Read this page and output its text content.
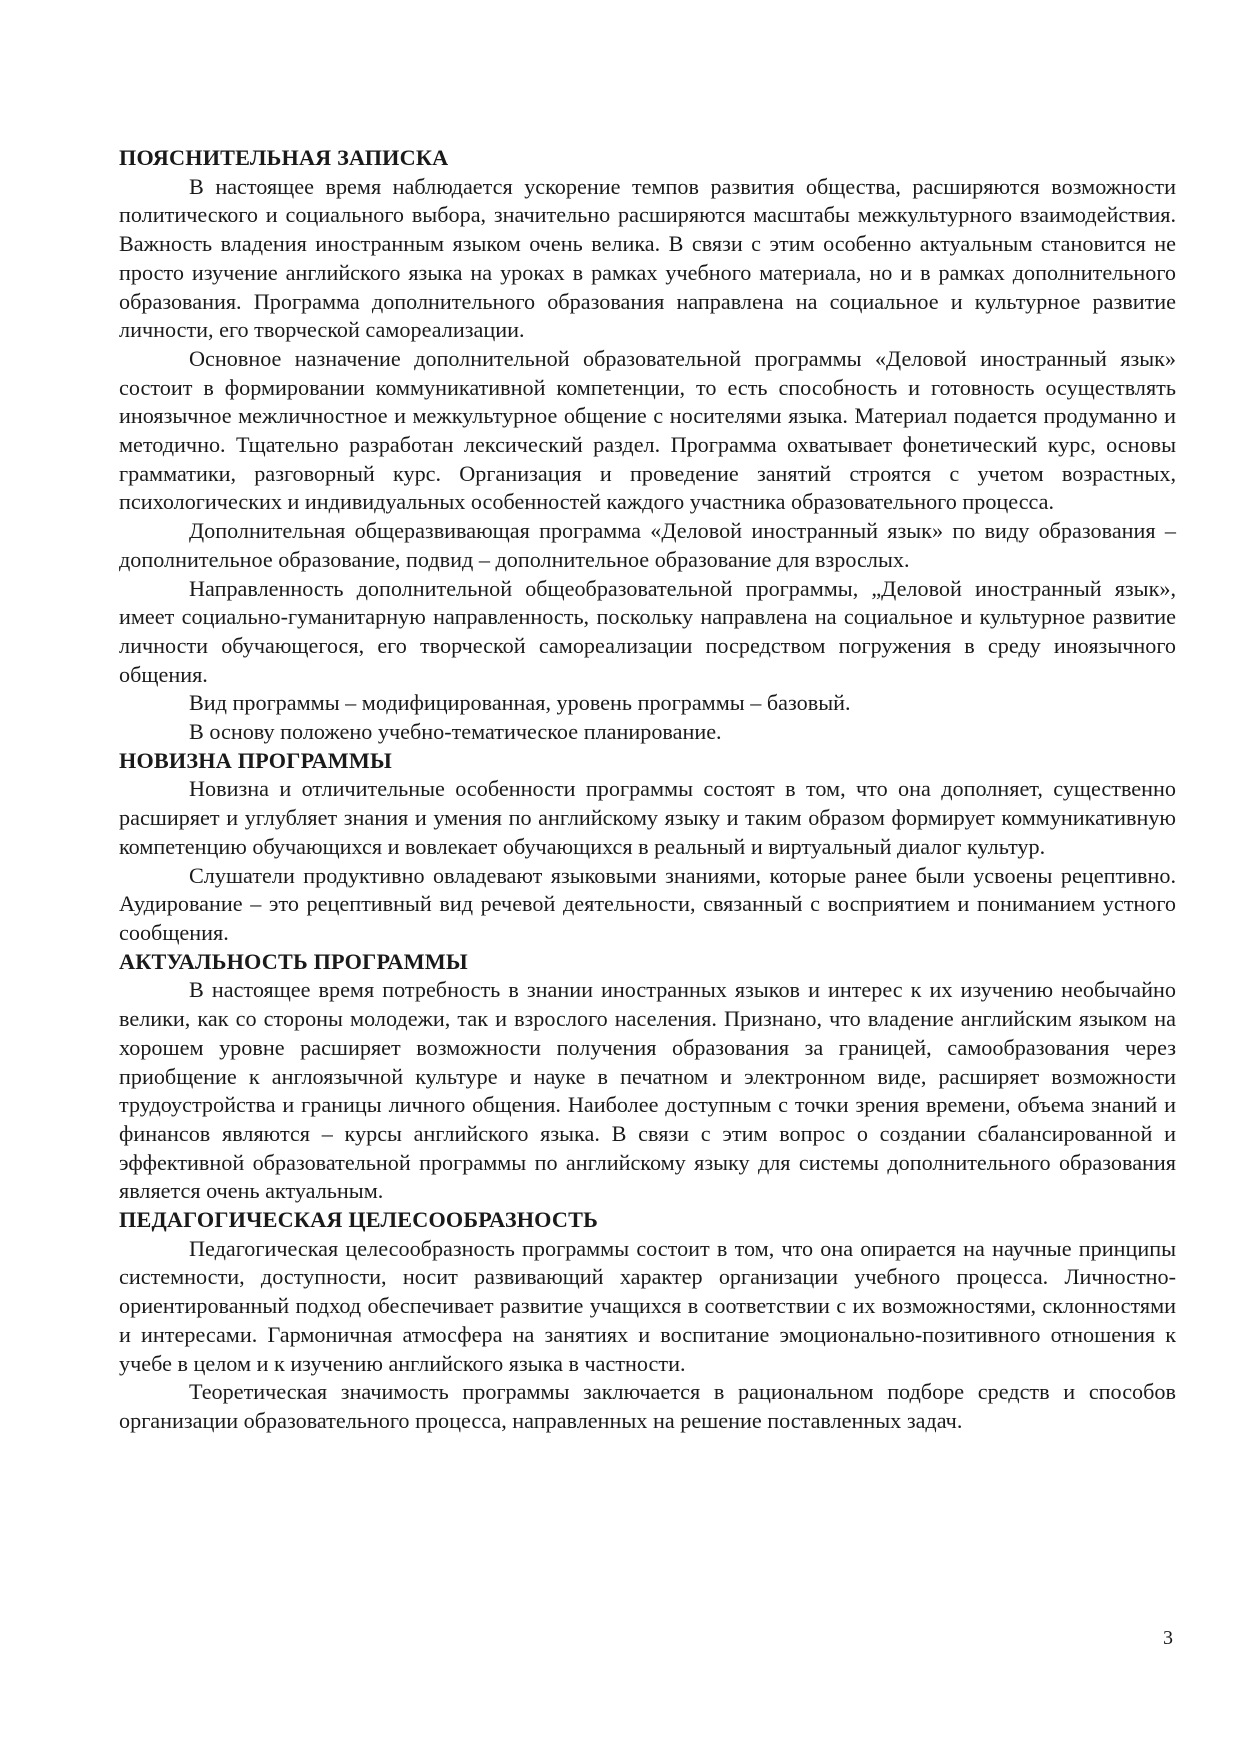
ПОЯСНИТЕЛЬНАЯ ЗАПИСКА

В настоящее время наблюдается ускорение темпов развития общества, расширяются возможности политического и социального выбора, значительно расширяются масштабы межкультурного взаимодействия. Важность владения иностранным языком очень велика. В связи с этим особенно актуальным становится не просто изучение английского языка на уроках в рамках учебного материала, но и в рамках дополнительного образования. Программа дополнительного образования направлена на социальное и культурное развитие личности, его творческой самореализации.

Основное назначение дополнительной образовательной программы «Деловой иностранный язык» состоит в формировании коммуникативной компетенции, то есть способность и готовность осуществлять иноязычное межличностное и межкультурное общение с носителями языка. Материал подается продуманно и методично. Тщательно разработан лексический раздел. Программа охватывает фонетический курс, основы грамматики, разговорный курс. Организация и проведение занятий строятся с учетом возрастных, психологических и индивидуальных особенностей каждого участника образовательного процесса.

Дополнительная общеразвивающая программа «Деловой иностранный язык» по виду образования – дополнительное образование, подвид – дополнительное образование для взрослых.

Направленность дополнительной общеобразовательной программы, „Деловой иностранный язык», имеет социально-гуманитарную направленность, поскольку направлена на социальное и культурное развитие личности обучающегося, его творческой самореализации посредством погружения в среду иноязычного общения.

Вид программы – модифицированная, уровень программы – базовый.

В основу положено учебно-тематическое планирование.

НОВИЗНА ПРОГРАММЫ

Новизна и отличительные особенности программы состоят в том, что она дополняет, существенно расширяет и углубляет знания и умения по английскому языку и таким образом формирует коммуникативную компетенцию обучающихся и вовлекает обучающихся в реальный и виртуальный диалог культур.

Слушатели продуктивно овладевают языковыми знаниями, которые ранее были усвоены рецептивно. Аудирование – это рецептивный вид речевой деятельности, связанный с восприятием и пониманием устного сообщения.

АКТУАЛЬНОСТЬ ПРОГРАММЫ

В настоящее время потребность в знании иностранных языков и интерес к их изучению необычайно велики, как со стороны молодежи, так и взрослого населения. Признано, что владение английским языком на хорошем уровне расширяет возможности получения образования за границей, самообразования через приобщение к англоязычной культуре и науке в печатном и электронном виде, расширяет возможности трудоустройства и границы личного общения. Наиболее доступным с точки зрения времени, объема знаний и финансов являются – курсы английского языка. В связи с этим вопрос о создании сбалансированной и эффективной образовательной программы по английскому языку для системы дополнительного образования является очень актуальным.

ПЕДАГОГИЧЕСКАЯ ЦЕЛЕСООБРАЗНОСТЬ

Педагогическая целесообразность программы состоит в том, что она опирается на научные принципы системности, доступности, носит развивающий характер организации учебного процесса. Личностно-ориентированный подход обеспечивает развитие учащихся в соответствии с их возможностями, склонностями и интересами. Гармоничная атмосфера на занятиях и воспитание эмоционально-позитивного отношения к учебе в целом и к изучению английского языка в частности.

Теоретическая значимость программы заключается в рациональном подборе средств и способов организации образовательного процесса, направленных на решение поставленных задач.

3
